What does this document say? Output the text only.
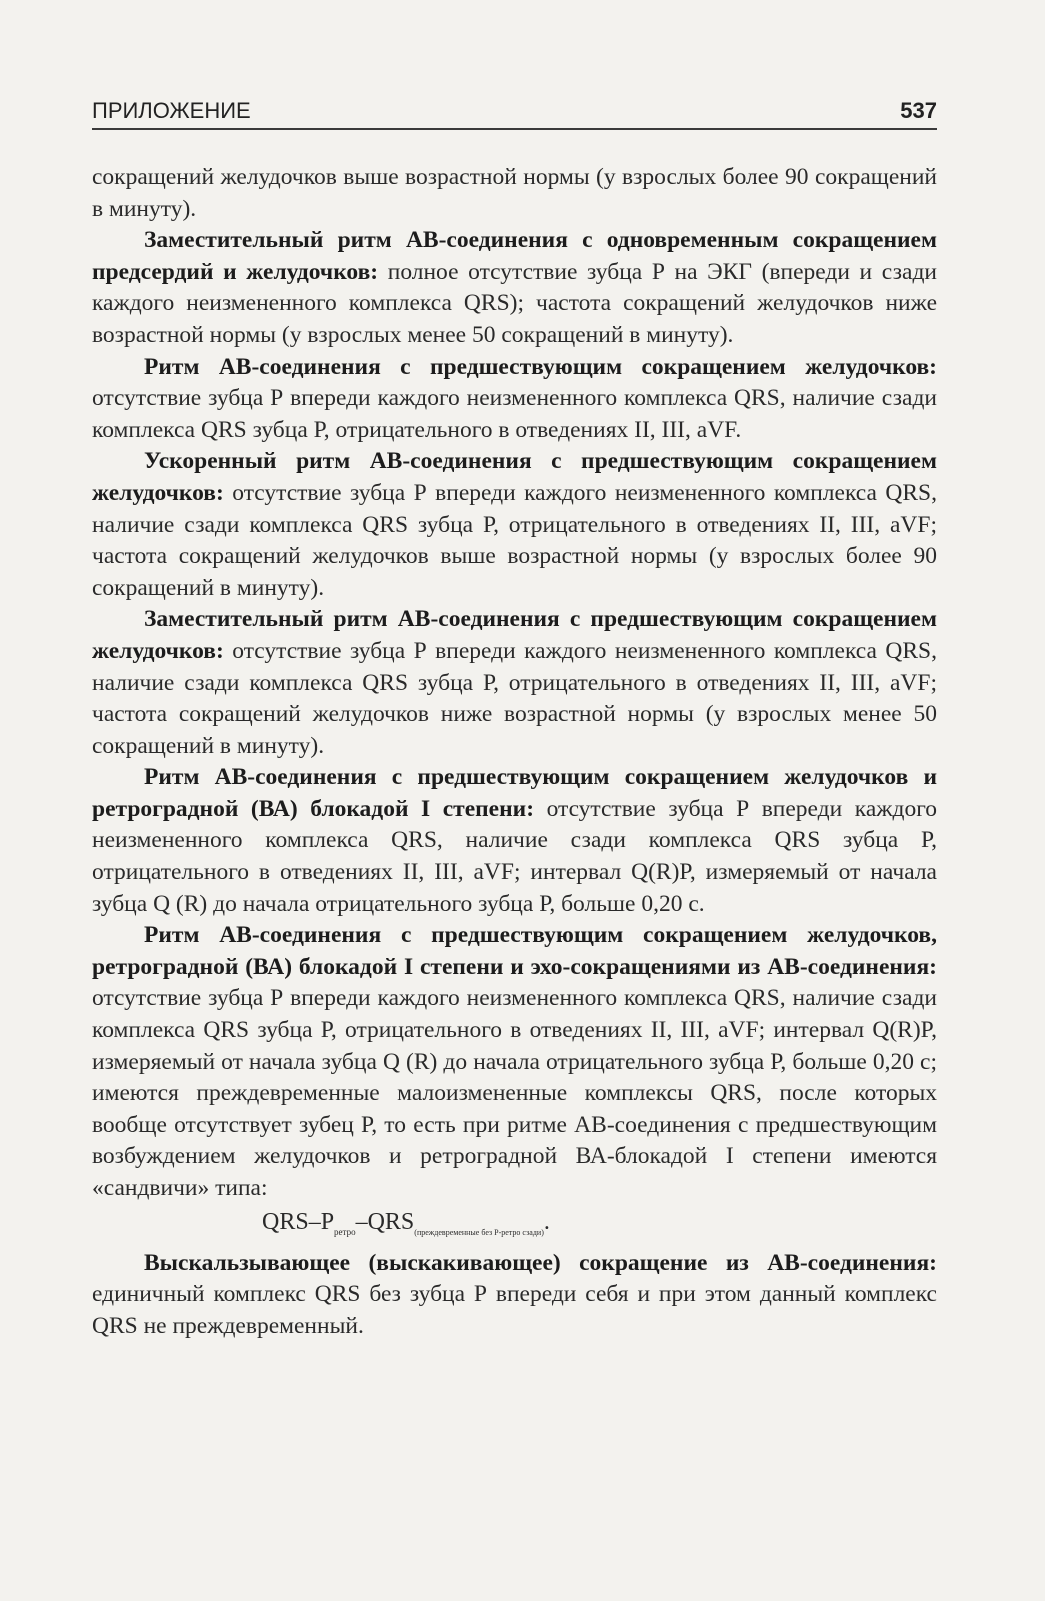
ПРИЛОЖЕНИЕ	537

сокращений желудочков выше возрастной нормы (у взрослых более 90 сокращений в минуту).

Заместительный ритм АВ-соединения с одновременным сокращением предсердий и желудочков: полное отсутствие зубца Р на ЭКГ (впереди и сзади каждого неизмененного комплекса QRS); частота сокращений желудочков ниже возрастной нормы (у взрослых менее 50 сокращений в минуту).

Ритм АВ-соединения с предшествующим сокращением желудочков: отсутствие зубца Р впереди каждого неизмененного комплекса QRS, наличие сзади комплекса QRS зубца Р, отрицательного в отведениях II, III, aVF.

Ускоренный ритм АВ-соединения с предшествующим сокращением желудочков: отсутствие зубца Р впереди каждого неизмененного комплекса QRS, наличие сзади комплекса QRS зубца Р, отрицательного в отведениях II, III, aVF; частота сокращений желудочков выше возрастной нормы (у взрослых более 90 сокращений в минуту).

Заместительный ритм АВ-соединения с предшествующим сокращением желудочков: отсутствие зубца Р впереди каждого неизмененного комплекса QRS, наличие сзади комплекса QRS зубца Р, отрицательного в отведениях II, III, aVF; частота сокращений желудочков ниже возрастной нормы (у взрослых менее 50 сокращений в минуту).

Ритм АВ-соединения с предшествующим сокращением желудочков и ретроградной (ВА) блокадой I степени: отсутствие зубца Р впереди каждого неизмененного комплекса QRS, наличие сзади комплекса QRS зубца Р, отрицательного в отведениях II, III, aVF; интервал Q(R)P, измеряемый от начала зубца Q (R) до начала отрицательного зубца Р, больше 0,20 с.

Ритм АВ-соединения с предшествующим сокращением желудочков, ретроградной (ВА) блокадой I степени и эхо-сокращениями из АВ-соединения: отсутствие зубца Р впереди каждого неизмененного комплекса QRS, наличие сзади комплекса QRS зубца Р, отрицательного в отведениях II, III, aVF; интервал Q(R)P, измеряемый от начала зубца Q (R) до начала отрицательного зубца Р, больше 0,20 с; имеются преждевременные малоизмененные комплексы QRS, после которых вообще отсутствует зубец Р, то есть при ритме АВ-соединения с предшествующим возбуждением желудочков и ретроградной ВА-блокадой I степени имеются «сандвичи» типа:

QRS–$P_{ретро}-QRS_{(преждевременные без P-ретро сзади)}$.

Выскальзывающее (выскакивающее) сокращение из АВ-соединения: единичный комплекс QRS без зубца Р впереди себя и при этом данный комплекс QRS не преждевременный.
